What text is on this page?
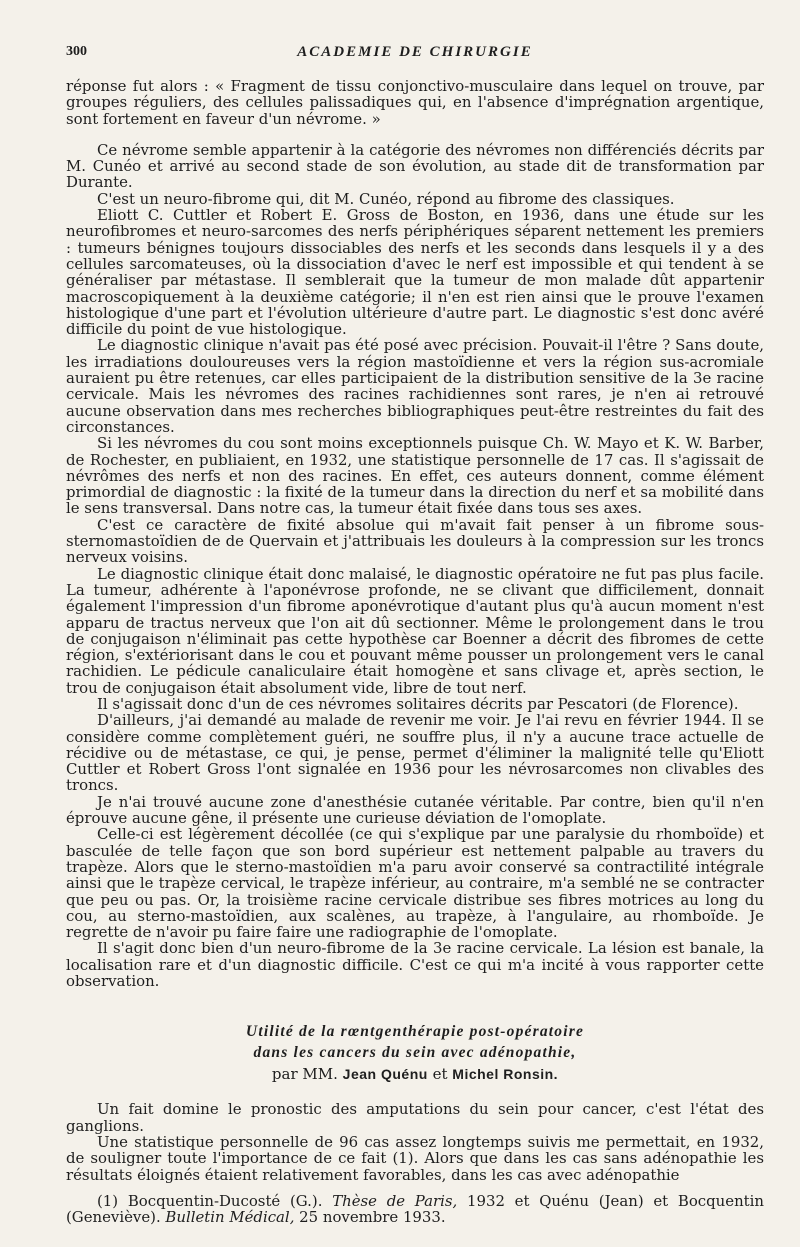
300	ACADEMIE DE CHIRURGIE

réponse fut alors : « Fragment de tissu conjonctivo-musculaire dans lequel on trouve, par groupes réguliers, des cellules palissadiques qui, en l'absence d'imprégnation argentique, sont fortement en faveur d'un névrome. »

Ce névrome semble appartenir à la catégorie des névromes non différenciés décrits par M. Cunéo et arrivé au second stade de son évolution, au stade dit de transformation par Durante.

C'est un neuro-fibrome qui, dit M. Cunéo, répond au fibrome des classiques.

Eliott C. Cuttler et Robert E. Gross de Boston, en 1936, dans une étude sur les neurofibromes et neuro-sarcomes des nerfs périphériques séparent nettement les premiers : tumeurs bénignes toujours dissociables des nerfs et les seconds dans lesquels il y a des cellules sarcomateuses, où la dissociation d'avec le nerf est impossible et qui tendent à se généraliser par métastase. Il semblerait que la tumeur de mon malade dût appartenir macroscopiquement à la deuxième catégorie; il n'en est rien ainsi que le prouve l'examen histologique d'une part et l'évolution ultérieure d'autre part. Le diagnostic s'est donc avéré difficile du point de vue histologique.

Le diagnostic clinique n'avait pas été posé avec précision. Pouvait-il l'être ? Sans doute, les irradiations douloureuses vers la région mastoïdienne et vers la région sus-acromiale auraient pu être retenues, car elles participaient de la distribution sensitive de la 3e racine cervicale. Mais les névromes des racines rachidiennes sont rares, je n'en ai retrouvé aucune observation dans mes recherches bibliographiques peut-être restreintes du fait des circonstances.

Si les névromes du cou sont moins exceptionnels puisque Ch. W. Mayo et K. W. Barber, de Rochester, en publiaient, en 1932, une statistique personnelle de 17 cas. Il s'agissait de névrômes des nerfs et non des racines. En effet, ces auteurs donnent, comme élément primordial de diagnostic : la fixité de la tumeur dans la direction du nerf et sa mobilité dans le sens transversal. Dans notre cas, la tumeur était fixée dans tous ses axes.

C'est ce caractère de fixité absolue qui m'avait fait penser à un fibrome sous-sternomastoïdien de de Quervain et j'attribuais les douleurs à la compression sur les troncs nerveux voisins.

Le diagnostic clinique était donc malaisé, le diagnostic opératoire ne fut pas plus facile. La tumeur, adhérente à l'aponévrose profonde, ne se clivant que difficilement, donnait également l'impression d'un fibrome aponévrotique d'autant plus qu'à aucun moment n'est apparu de tractus nerveux que l'on ait dû sectionner. Même le prolongement dans le trou de conjugaison n'éliminait pas cette hypothèse car Boenner a décrit des fibromes de cette région, s'extériorisant dans le cou et pouvant même pousser un prolongement vers le canal rachidien. Le pédicule canaliculaire était homogène et sans clivage et, après section, le trou de conjugaison était absolument vide, libre de tout nerf.

Il s'agissait donc d'un de ces névromes solitaires décrits par Pescatori (de Florence).

D'ailleurs, j'ai demandé au malade de revenir me voir. Je l'ai revu en février 1944. Il se considère comme complètement guéri, ne souffre plus, il n'y a aucune trace actuelle de récidive ou de métastase, ce qui, je pense, permet d'éliminer la malignité telle qu'Eliott Cuttler et Robert Gross l'ont signalée en 1936 pour les névrosarcomes non clivables des troncs.

Je n'ai trouvé aucune zone d'anesthésie cutanée véritable. Par contre, bien qu'il n'en éprouve aucune gêne, il présente une curieuse déviation de l'omoplate.

Celle-ci est légèrement décollée (ce qui s'explique par une paralysie du rhomboïde) et basculée de telle façon que son bord supérieur est nettement palpable au travers du trapèze. Alors que le sterno-mastoïdien m'a paru avoir conservé sa contractilité intégrale ainsi que le trapèze cervical, le trapèze inférieur, au contraire, m'a semblé ne se contracter que peu ou pas. Or, la troisième racine cervicale distribue ses fibres motrices au long du cou, au sterno-mastoïdien, aux scalènes, au trapèze, à l'angulaire, au rhomboïde. Je regrette de n'avoir pu faire faire une radiographie de l'omoplate.

Il s'agit donc bien d'un neuro-fibrome de la 3e racine cervicale. La lésion est banale, la localisation rare et d'un diagnostic difficile. C'est ce qui m'a incité à vous rapporter cette observation.

Utilité de la rœntgenthérapie post-opératoire
dans les cancers du sein avec adénopathie,
par MM. Jean Quénu et Michel Ronsin.

Un fait domine le pronostic des amputations du sein pour cancer, c'est l'état des ganglions.

Une statistique personnelle de 96 cas assez longtemps suivis me permettait, en 1932, de souligner toute l'importance de ce fait (1). Alors que dans les cas sans adénopathie les résultats éloignés étaient relativement favorables, dans les cas avec adénopathie

(1) Bocquentin-Ducosté (G.). Thèse de Paris, 1932 et Quénu (Jean) et Bocquentin (Geneviève). Bulletin Médical, 25 novembre 1933.
